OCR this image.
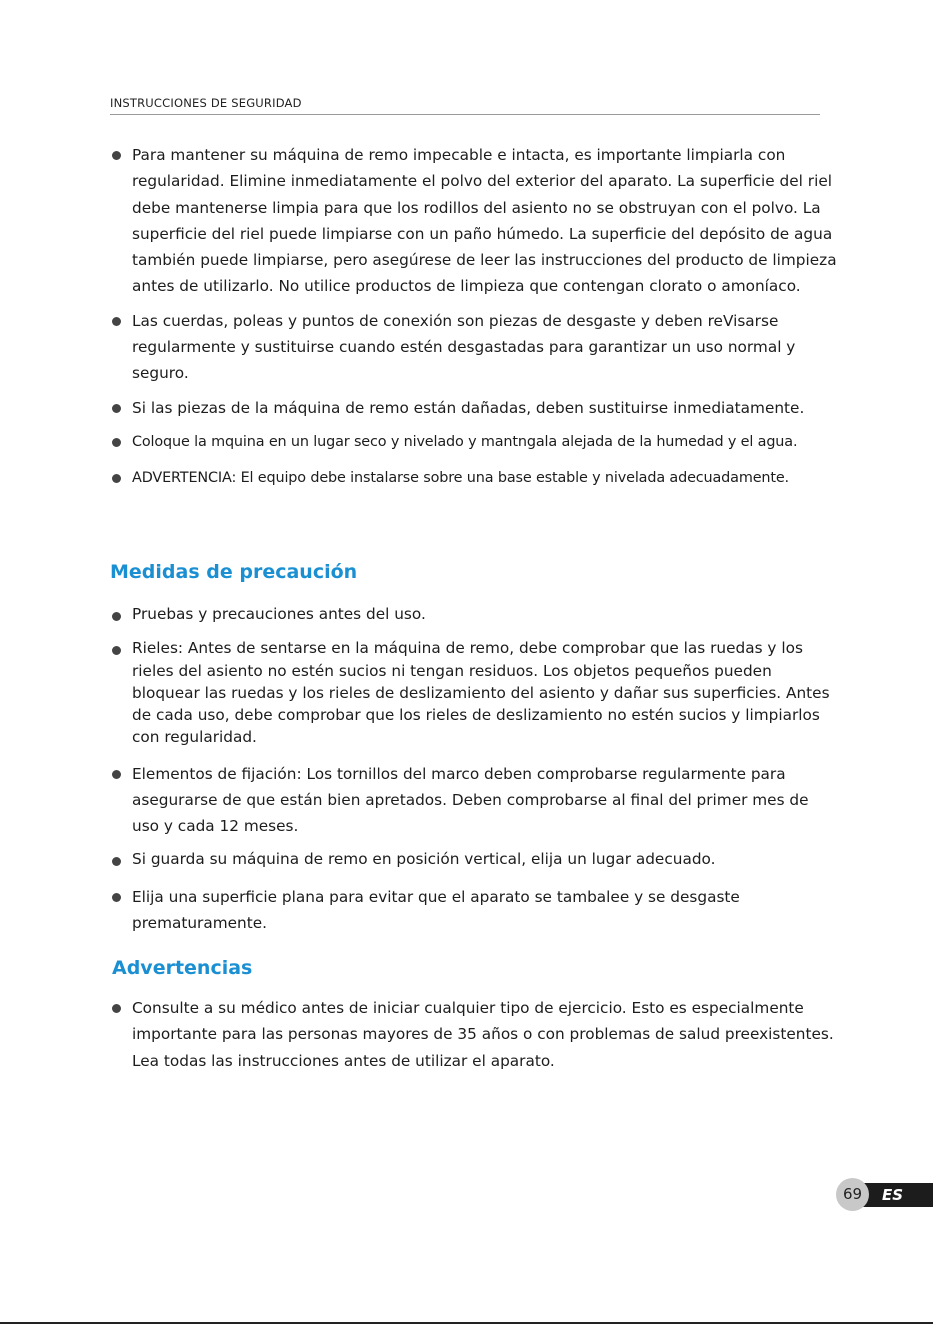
INSTRUCCIONES DE SEGURIDAD
Para mantener su máquina de remo impecable e intacta, es importante limpiarla con regularidad. Elimine inmediatamente el polvo del exterior del aparato. La superficie del riel debe mantenerse limpia para que los rodillos del asiento no se obstruyan con el polvo. La superficie del riel puede limpiarse con un paño húmedo. La superficie del depósito de agua también puede limpiarse, pero asegúrese de leer las instrucciones del producto de limpieza antes de utilizarlo. No utilice productos de limpieza que contengan clorato o amoníaco.
Las cuerdas, poleas y puntos de conexión son piezas de desgaste y deben reVisarse regularmente y sustituirse cuando estén desgastadas para garantizar un uso normal y seguro.
Si las piezas de la máquina de remo están dañadas, deben sustituirse inmediatamente.
Coloque la mquina en un lugar seco y nivelado y mantngala alejada de la humedad y el agua.
ADVERTENCIA: El equipo debe instalarse sobre una base estable y nivelada adecuadamente.
Medidas de precaución
Pruebas y precauciones antes del uso.
Rieles: Antes de sentarse en la máquina de remo, debe comprobar que las ruedas y los rieles del asiento no estén sucios ni tengan residuos. Los objetos pequeños pueden bloquear las ruedas y los rieles de deslizamiento del asiento y dañar sus superficies. Antes de cada uso, debe comprobar que los rieles de deslizamiento no estén sucios y limpiarlos con regularidad.
Elementos de fijación: Los tornillos del marco deben comprobarse regularmente para asegurarse de que están bien apretados. Deben comprobarse al final del primer mes de uso y cada 12 meses.
Si guarda su máquina de remo en posición vertical, elija un lugar adecuado.
Elija una superficie plana para evitar que el aparato se tambalee y se desgaste prematuramente.
Advertencias
Consulte a su médico antes de iniciar cualquier tipo de ejercicio. Esto es especialmente importante para las personas mayores de 35 años o con problemas de salud preexistentes. Lea todas las instrucciones antes de utilizar el aparato.
ES
69
